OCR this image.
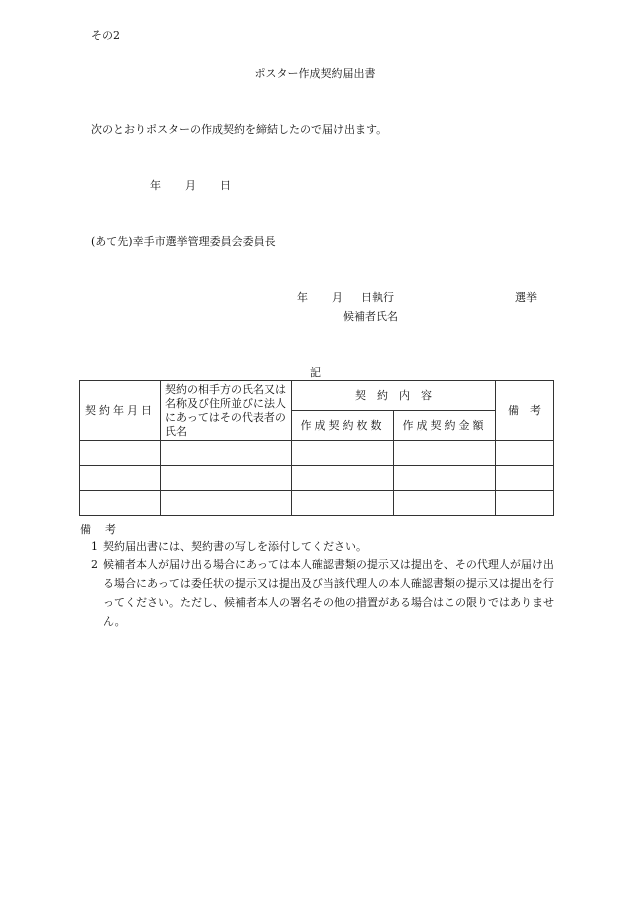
その2
ポスター作成契約届出書
次のとおりポスターの作成契約を締結したので届け出ます。
年 月 日
(あて先)幸手市選挙管理委員会委員長
年 月 日執行	選挙
候補者氏名
記
契約年月日	契約の相手方の氏名又は名称及び住所並びに法人にあってはその代表者の氏名	契　約　内　容		備　考
		作成契約枚数	作成契約金額	

備考
1 契約届出書には、契約書の写しを添付してください。
2 候補者本人が届け出る場合にあっては本人確認書類の提示又は提出を、その代理人が届け出る場合にあっては委任状の提示又は提出及び当該代理人の本人確認書類の提示又は提出を行ってください。ただし、候補者本人の署名その他の措置がある場合はこの限りではありません。
